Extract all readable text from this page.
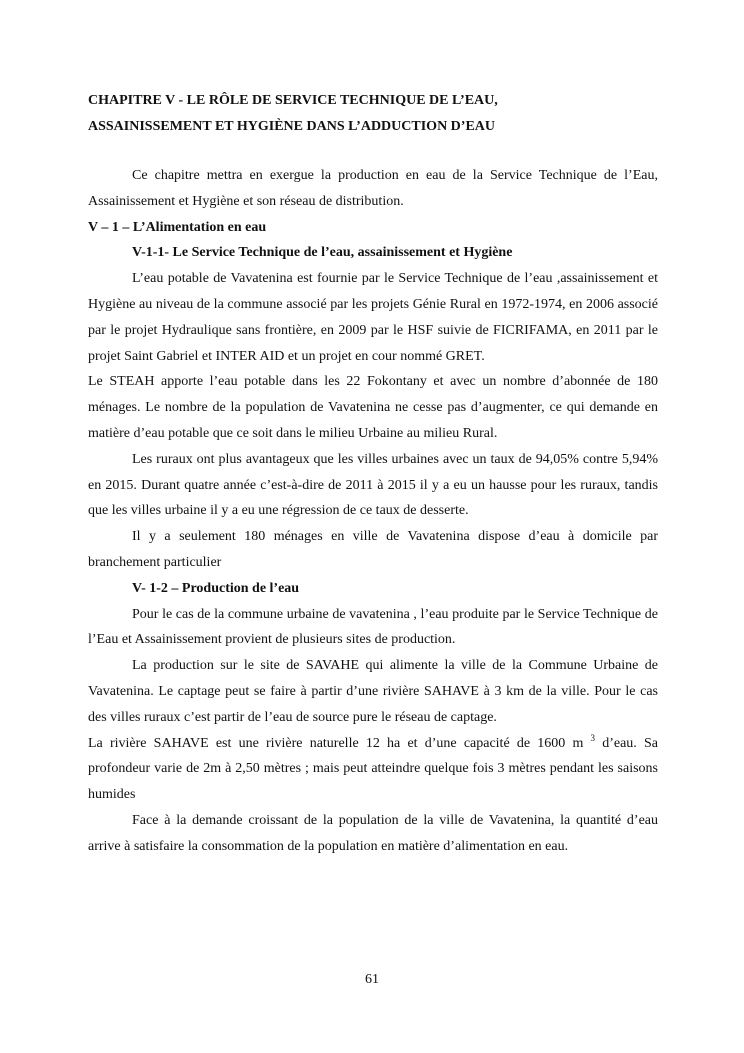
CHAPITRE V - LE RÔLE DE SERVICE TECHNIQUE DE L’EAU,
ASSAINISSEMENT ET HYGIÈNE DANS L’ADDUCTION D’EAU

Ce chapitre mettra en exergue la production en eau de la Service Technique de l’Eau, Assainissement et Hygiène et son réseau de distribution.

V – 1 – L’Alimentation en eau

V-1-1- Le Service Technique de l’eau, assainissement et Hygiène

L’eau potable de Vavatenina est fournie par le Service Technique de l’eau ,assainissement et Hygiène au niveau de la commune associé par les projets Génie Rural en 1972-1974, en 2006 associé par le projet Hydraulique sans frontière, en 2009 par le HSF suivie de FICRIFAMA, en 2011 par le projet Saint Gabriel et INTER AID et un projet en cour nommé GRET.

Le STEAH apporte l’eau potable dans les 22 Fokontany et avec un nombre d’abonnée de 180 ménages. Le nombre de la population de Vavatenina ne cesse pas d’augmenter, ce qui demande en matière d’eau potable que ce soit dans le milieu Urbaine au milieu Rural.

Les ruraux ont plus avantageux que les villes urbaines avec un taux de 94,05% contre 5,94% en 2015. Durant quatre année c’est-à-dire de 2011 à 2015 il y a eu un hausse pour les ruraux, tandis que les villes urbaine il y a eu une régression de ce taux de desserte.

Il y a seulement 180 ménages en ville de Vavatenina dispose d’eau à domicile par branchement particulier

V- 1-2 – Production de l’eau

Pour le cas de la commune urbaine de vavatenina , l’eau produite par le Service Technique de l’Eau et Assainissement provient de plusieurs sites de production.

La production sur le site de SAVAHE qui alimente la ville de la Commune Urbaine de Vavatenina. Le captage peut se faire à partir d’une rivière SAHAVE à 3 km de la ville. Pour le cas des villes ruraux c’est partir de l’eau de source pure le réseau de captage.

La rivière SAHAVE est une rivière naturelle 12 ha et d’une capacité de 1600 m $^3$ d’eau. Sa profondeur varie de 2m à 2,50 mètres ; mais peut atteindre quelque fois 3 mètres pendant les saisons humides

Face à la demande croissant de la population de la ville de Vavatenina, la quantité d’eau arrive à satisfaire la consommation de la population en matière d’alimentation en eau.

61
